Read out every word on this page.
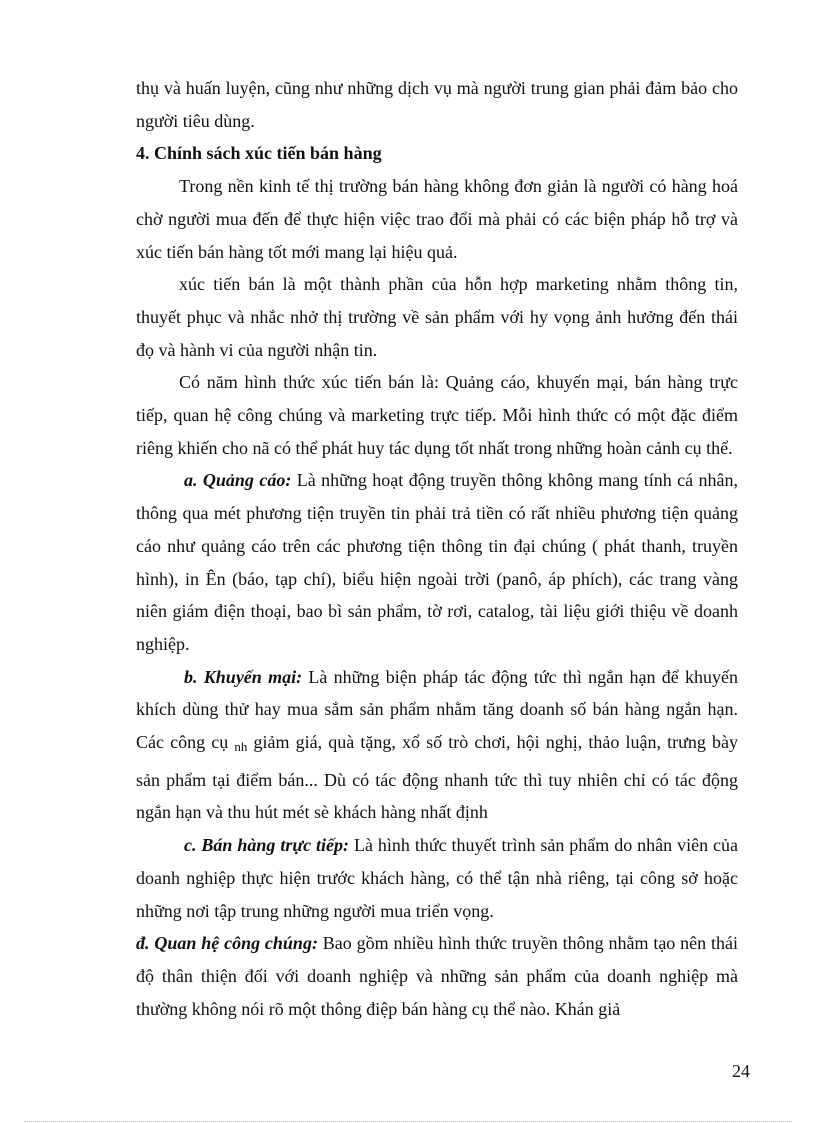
thụ và huấn luyện, cũng như những dịch vụ mà người trung gian phải đảm bảo cho người tiêu dùng.

4. Chính sách xúc tiến bán hàng

Trong nền kinh tế thị trường bán hàng không đơn giản là người có hàng hoá chờ người mua đến để thực hiện việc trao đổi mà phải có các biện pháp hỗ trợ và xúc tiến bán hàng tốt mới mang lại hiệu quả.

xúc tiến bán là một thành phần của hỗn hợp marketing nhằm thông tin, thuyết phục và nhắc nhở thị trường về sản phẩm với hy vọng ảnh hưởng đến thái đọ và hành vi của người nhận tin.

Có năm hình thức xúc tiến bán là: Quảng cáo, khuyến mại, bán hàng trực tiếp, quan hệ công chúng và marketing trực tiếp. Mỗi hình thức có một đặc điểm riêng khiến cho nã có thể phát huy tác dụng tốt nhất trong những hoàn cảnh cụ thể.

a. Quảng cáo: Là những hoạt động truyền thông không mang tính cá nhân, thông qua mét phương tiện truyền tin phải trả tiền có rất nhiều phương tiện quảng cáo như quảng cáo trên các phương tiện thông tin đại chúng ( phát thanh, truyền hình), in Ên (báo, tạp chí), biểu hiện ngoài trời (panô, áp phích), các trang vàng niên giám điện thoại, bao bì sản phẩm, tờ rơi, catalog, tài liệu giới thiệu về doanh nghiệp.

b. Khuyến mại: Là những biện pháp tác động tức thì ngắn hạn để khuyến khích dùng thử hay mua sắm sản phẩm nhằm tăng doanh số bán hàng ngắn hạn. Các công cụ nh giảm giá, quà tặng, xổ số trò chơi, hội nghị, thảo luận, trưng bày sản phẩm tại điểm bán... Dù có tác động nhanh tức thì tuy nhiên chỉ có tác động ngắn hạn và thu hút mét sè khách hàng nhất định

c. Bán hàng trực tiếp: Là hình thức thuyết trình sản phẩm do nhân viên của doanh nghiệp thực hiện trước khách hàng, có thể tận nhà riêng, tại công sở hoặc những nơi tập trung những người mua triển vọng.

đ. Quan hệ công chúng: Bao gồm nhiều hình thức truyền thông nhằm tạo nên thái độ thân thiện đối với doanh nghiệp và những sản phẩm của doanh nghiệp mà thường không nói rõ một thông điệp bán hàng cụ thể nào. Khán giả

24
